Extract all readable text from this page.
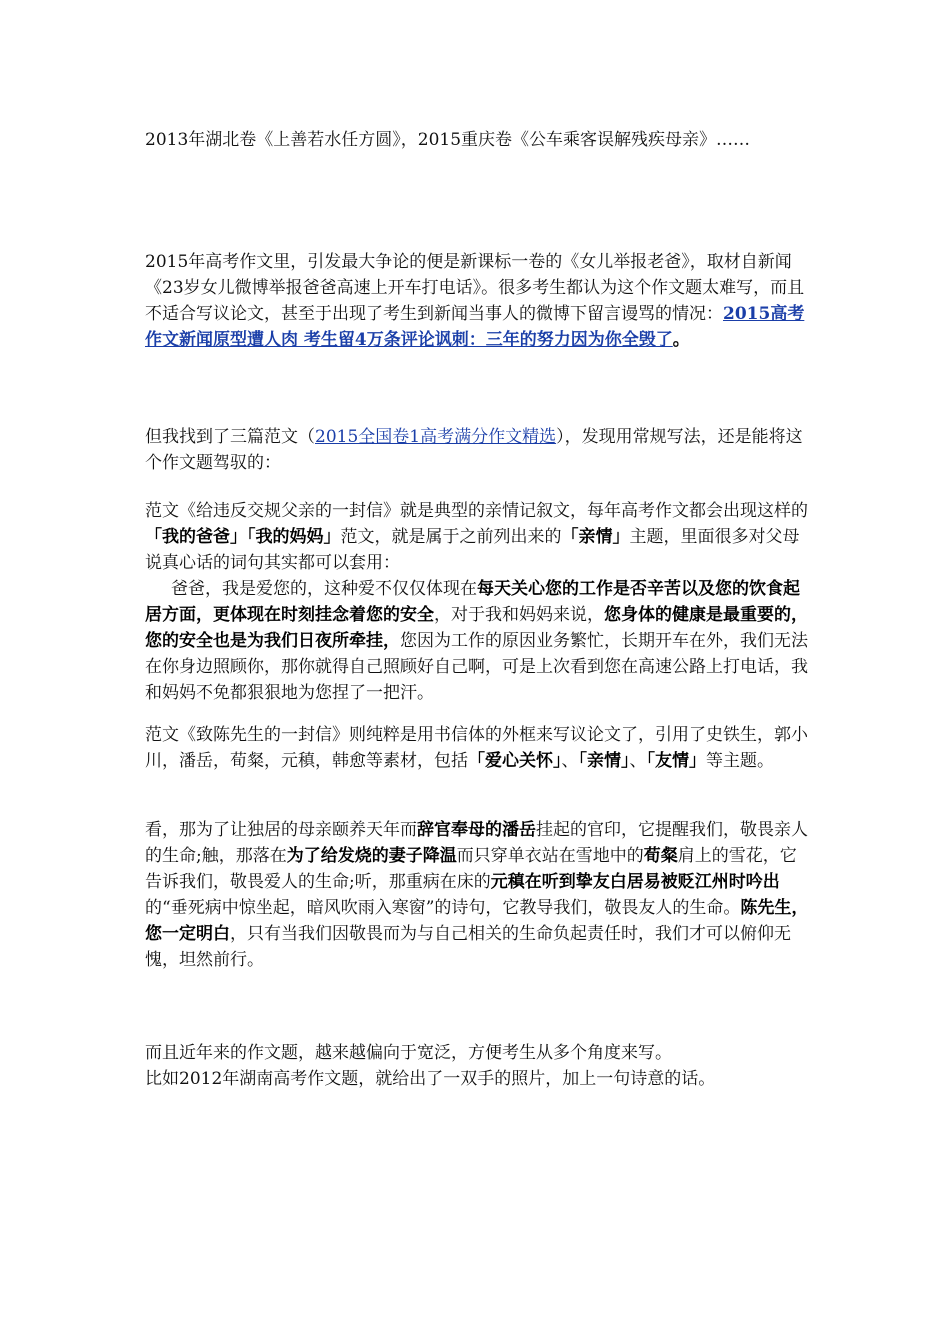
2013年湖北卷《上善若水任方圆》，2015重庆卷《公车乘客误解残疾母亲》……

2015年高考作文里，引发最大争论的便是新课标一卷的《女儿举报老爸》，取材自新闻《23岁女儿微博举报爸爸高速上开车打电话》。很多考生都认为这个作文题太难写，而且不适合写议论文，甚至于出现了考生到新闻当事人的微博下留言谩骂的情况：2015高考作文新闻原型遭人肉 考生留4万条评论讽刺：三年的努力因为你全毁了。

但我找到了三篇范文（2015全国卷1高考满分作文精选），发现用常规写法，还是能将这个作文题驾驭的：

范文《给违反交规父亲的一封信》就是典型的亲情记叙文，每年高考作文都会出现这样的「我的爸爸」「我的妈妈」范文，就是属于之前列出来的「亲情」主题，里面很多对父母说真心话的词句其实都可以套用：

爸爸，我是爱您的，这种爱不仅仅体现在每天关心您的工作是否辛苦以及您的饮食起居方面，更体现在时刻挂念着您的安全，对于我和妈妈来说，您身体的健康是最重要的，您的安全也是为我们日夜所牵挂，您因为工作的原因业务繁忙，长期开车在外，我们无法在你身边照顾你，那你就得自己照顾好自己啊，可是上次看到您在高速公路上打电话，我和妈妈不免都狠狠地为您捏了一把汗。

范文《致陈先生的一封信》则纯粹是用书信体的外框来写议论文了，引用了史铁生，郭小川，潘岳，荀粲，元稹，韩愈等素材，包括「爱心关怀」、「亲情」、「友情」等主题。

看，那为了让独居的母亲颐养天年而辞官奉母的潘岳挂起的官印，它提醒我们，敬畏亲人的生命;触，那落在为了给发烧的妻子降温而只穿单衣站在雪地中的荀粲肩上的雪花，它告诉我们，敬畏爱人的生命;听，那重病在床的元稹在听到挚友白居易被贬江州时吟出的“垂死病中惊坐起，暗风吹雨入寒窗”的诗句，它教导我们，敬畏友人的生命。陈先生，您一定明白，只有当我们因敬畏而为与自己相关的生命负起责任时，我们才可以俯仰无愧，坦然前行。

而且近年来的作文题，越来越偏向于宽泛，方便考生从多个角度来写。

比如2012年湖南高考作文题，就给出了一双手的照片，加上一句诗意的话。
